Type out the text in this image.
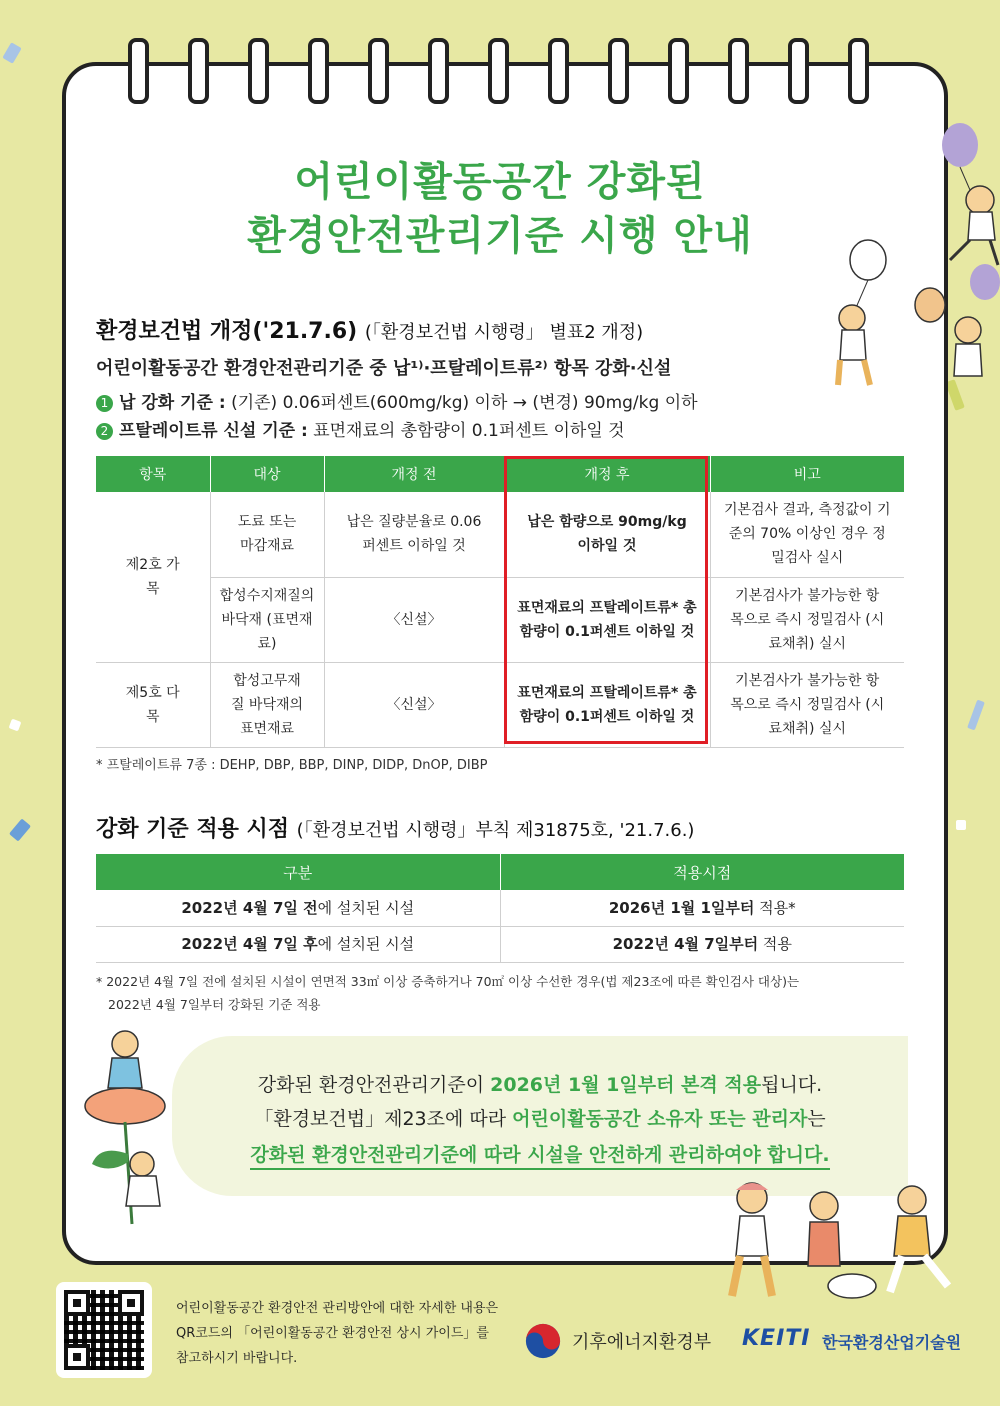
어린이활동공간 강화된
환경안전관리기준 시행 안내
환경보건법 개정('21.7.6) (「환경보건법 시행령」 별표2 개정)
어린이활동공간 환경안전관리기준 중 납¹⁾·프탈레이트류²⁾ 항목 강화·신설
1 납 강화 기준 : (기존) 0.06퍼센트(600mg/kg) 이하 → (변경) 90mg/kg 이하
2 프탈레이트류 신설 기준 : 표면재료의 총함량이 0.1퍼센트 이하일 것
항목	대상	개정 전	개정 후	비고
제2호 가목	도료 또는 마감재료	납은 질량분율로 0.06퍼센트 이하일 것	납은 함량으로 90mg/kg 이하일 것	기본검사 결과, 측정값이 기준의 70% 이상인 경우 정밀검사 실시
	합성수지재질의 바닥재 (표면재료)	〈신설〉	표면재료의 프탈레이트류* 총함량이 0.1퍼센트 이하일 것	기본검사가 불가능한 항목으로 즉시 정밀검사 (시료채취) 실시
제5호 다목	합성고무재질 바닥재의 표면재료	〈신설〉	표면재료의 프탈레이트류* 총함량이 0.1퍼센트 이하일 것	기본검사가 불가능한 항목으로 즉시 정밀검사 (시료채취) 실시
* 프탈레이트류 7종 : DEHP, DBP, BBP, DINP, DIDP, DnOP, DIBP
강화 기준 적용 시점 (「환경보건법 시행령」부칙 제31875호, '21.7.6.)
구분	적용시점
2022년 4월 7일 전에 설치된 시설	2026년 1월 1일부터 적용*
2022년 4월 7일 후에 설치된 시설	2022년 4월 7일부터 적용
* 2022년 4월 7일 전에 설치된 시설이 연면적 33㎡ 이상 증축하거나 70㎡ 이상 수선한 경우(법 제23조에 따른 확인검사 대상)는
2022년 4월 7일부터 강화된 기준 적용
강화된 환경안전관리기준이 2026년 1월 1일부터 본격 적용됩니다.
「환경보건법」제23조에 따라 어린이활동공간 소유자 또는 관리자는
강화된 환경안전관리기준에 따라 시설을 안전하게 관리하여야 합니다.
어린이활동공간 환경안전 관리방안에 대한 자세한 내용은
QR코드의 「어린이활동공간 환경안전 상시 가이드」를
참고하시기 바랍니다.
기후에너지환경부 KEITI 한국환경산업기술원
